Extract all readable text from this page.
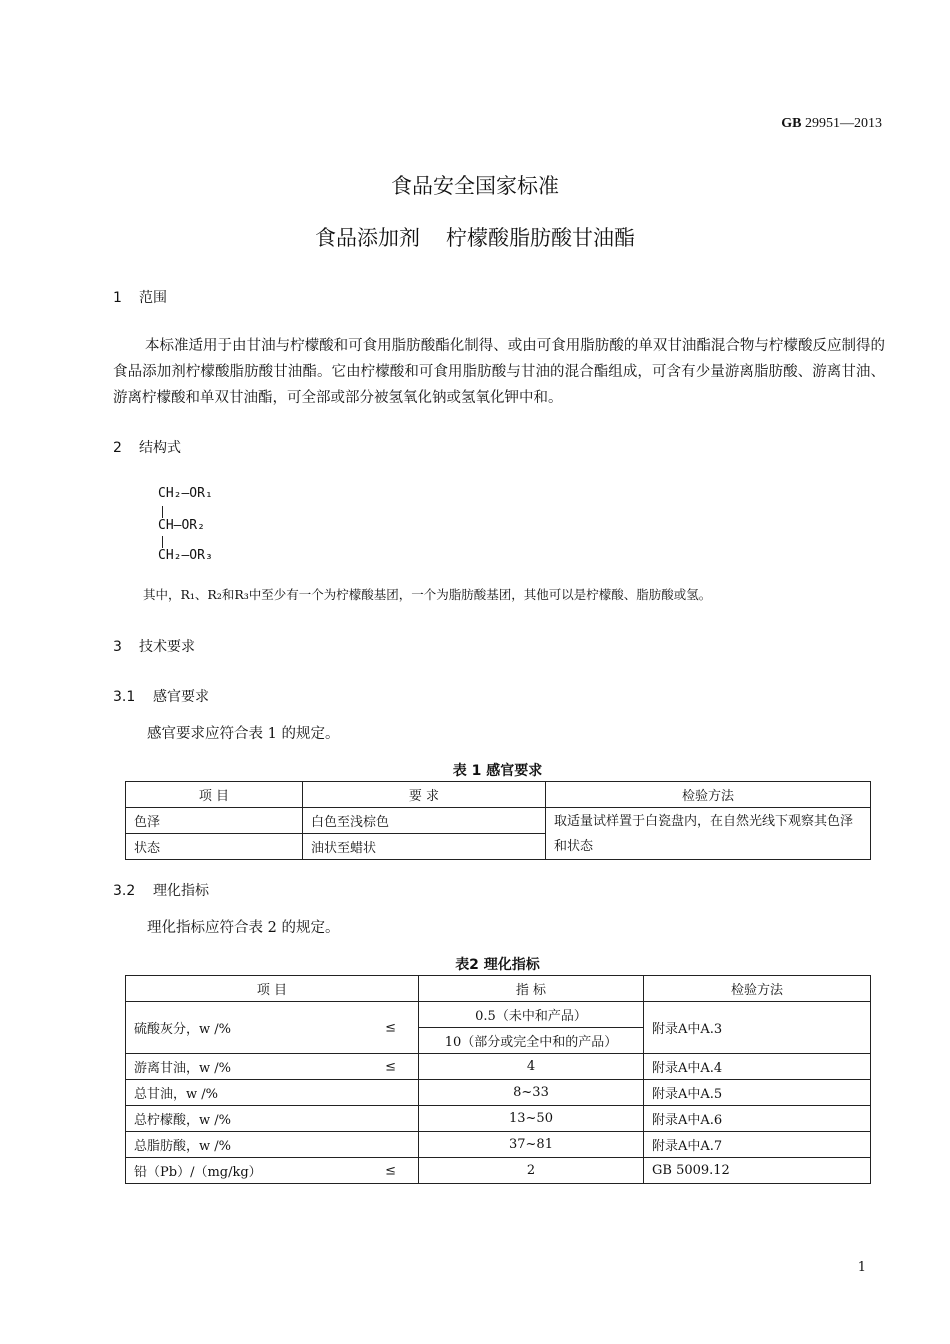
GB 29951—2013
食品安全国家标准
食品添加剂 柠檬酸脂肪酸甘油酯
1 范围
本标准适用于由甘油与柠檬酸和可食用脂肪酸酯化制得、或由可食用脂肪酸的单双甘油酯混合物与柠檬酸反应制得的食品添加剂柠檬酸脂肪酸甘油酯。它由柠檬酸和可食用脂肪酸与甘油的混合酯组成，可含有少量游离脂肪酸、游离甘油、游离柠檬酸和单双甘油酯，可全部或部分被氢氧化钠或氢氧化钾中和。
2 结构式
CH₂—OR₁
CH—OR₂
CH₂—OR₃
其中，R₁、R₂和R₃中至少有一个为柠檬酸基团，一个为脂肪酸基团，其他可以是柠檬酸、脂肪酸或氢。
3 技术要求
3.1 感官要求
感官要求应符合表 1 的规定。
表 1 感官要求
项 目	要 求	检验方法
色泽	白色至浅棕色	取适量试样置于白瓷盘内，在自然光线下观察其色泽和状态
状态	油状至蜡状	
3.2 理化指标
理化指标应符合表 2 的规定。
表2 理化指标
项 目	指 标	检验方法
硫酸灰分，w /% ≤	0.5（未中和产品）	附录A中A.3
	10（部分或完全中和的产品）	
游离甘油，w /% ≤	4	附录A中A.4
总甘油，w /%	8~33	附录A中A.5
总柠檬酸，w /%	13~50	附录A中A.6
总脂肪酸，w /%	37~81	附录A中A.7
铅（Pb）/（mg/kg） ≤	2	GB 5009.12
1
